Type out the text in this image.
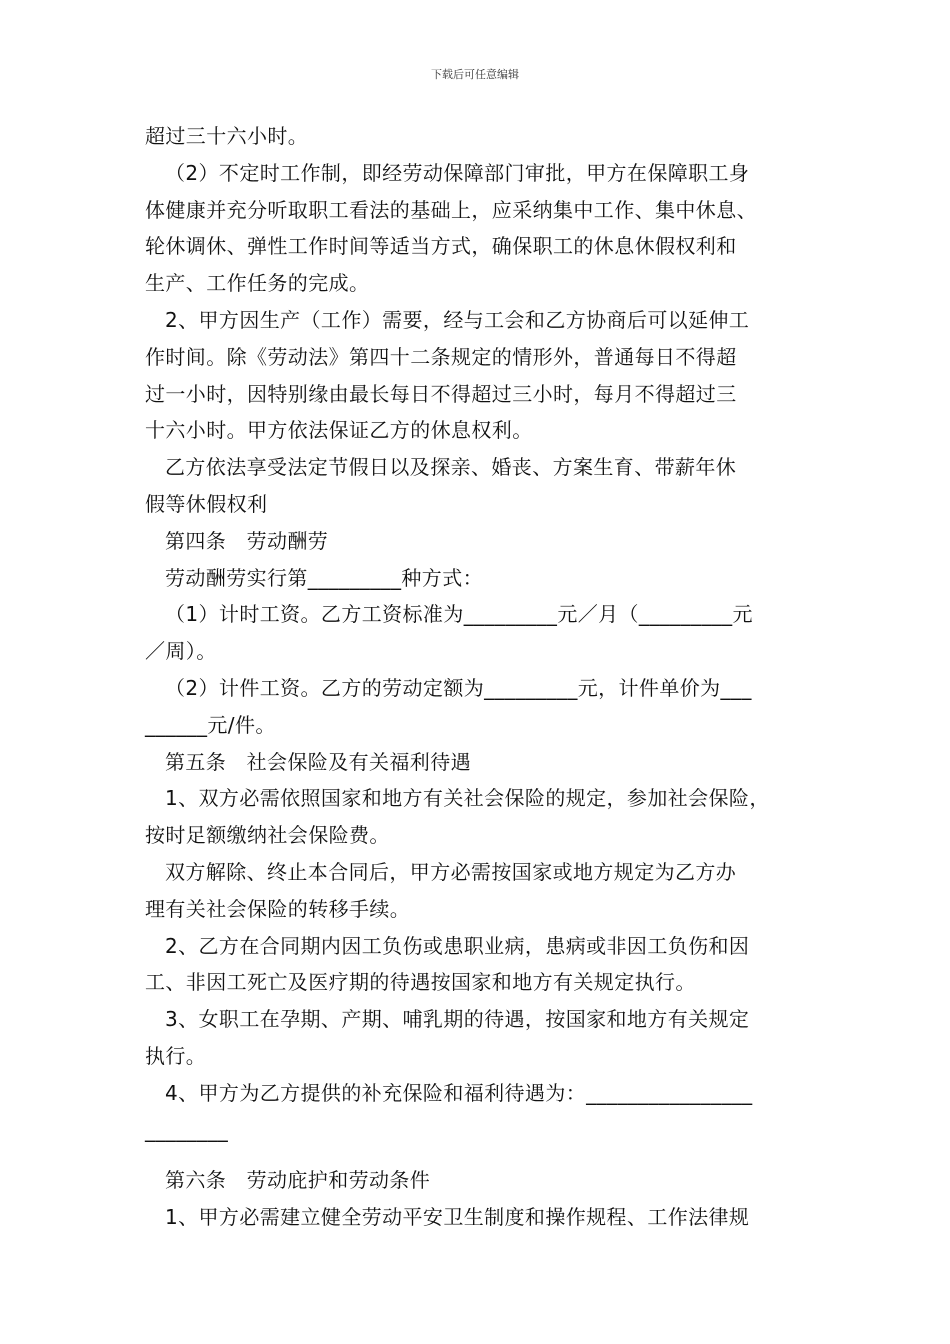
下载后可任意编辑
超过三十六小时。
（2）不定时工作制，即经劳动保障部门审批，甲方在保障职工身
体健康并充分听取职工看法的基础上，应采纳集中工作、集中休息、
轮休调休、弹性工作时间等适当方式，确保职工的休息休假权利和
生产、工作任务的完成。
2、甲方因生产（工作）需要，经与工会和乙方协商后可以延伸工
作时间。除《劳动法》第四十二条规定的情形外，普通每日不得超
过一小时，因特别缘由最长每日不得超过三小时，每月不得超过三
十六小时。甲方依法保证乙方的休息权利。
乙方依法享受法定节假日以及探亲、婚丧、方案生育、带薪年休
假等休假权利
第四条　劳动酬劳
劳动酬劳实行第_________种方式：
（1）计时工资。乙方工资标准为_________元／月（_________元
／周）。
（2）计件工资。乙方的劳动定额为_________元，计件单价为___
______元/件。
第五条　社会保险及有关福利待遇
1、双方必需依照国家和地方有关社会保险的规定，参加社会保险，
按时足额缴纳社会保险费。
双方解除、终止本合同后，甲方必需按国家或地方规定为乙方办
理有关社会保险的转移手续。
2、乙方在合同期内因工负伤或患职业病，患病或非因工负伤和因
工、非因工死亡及医疗期的待遇按国家和地方有关规定执行。
3、女职工在孕期、产期、哺乳期的待遇，按国家和地方有关规定
执行。
4、甲方为乙方提供的补充保险和福利待遇为：________________
________
第六条　劳动庇护和劳动条件
1、甲方必需建立健全劳动平安卫生制度和操作规程、工作法律规
